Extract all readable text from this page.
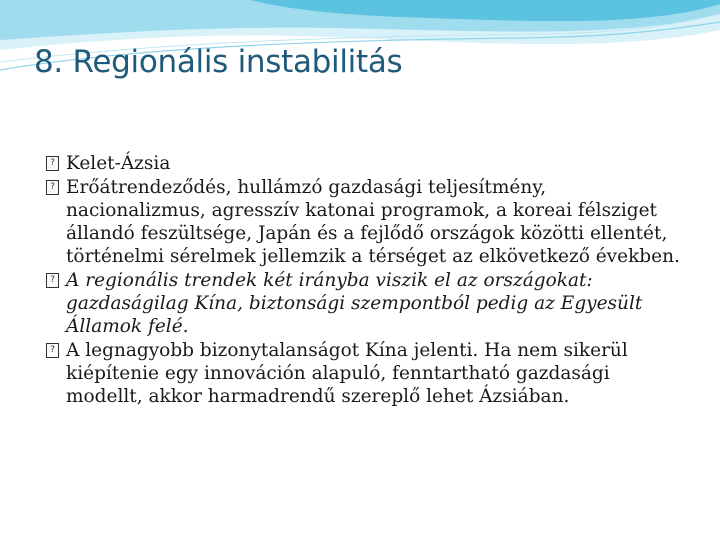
8. Regionális instabilitás
? Kelet-Ázsia
? Erőátrendeződés, hullámzó gazdasági teljesítmény, nacionalizmus, agresszív katonai programok, a koreai félsziget állandó feszültsége, Japán és a fejlődő országok közötti ellentét, történelmi sérelmek jellemzik a térséget az elkövetkező években.
? A regionális trendek két irányba viszik el az országokat: gazdaságilag Kína, biztonsági szempontból pedig az Egyesült Államok felé.
? A legnagyobb bizonytalanságot Kína jelenti. Ha nem sikerül kiépítenie egy innováción alapuló, fenntartható gazdasági modellt, akkor harmadrendű szereplő lehet Ázsiában.
